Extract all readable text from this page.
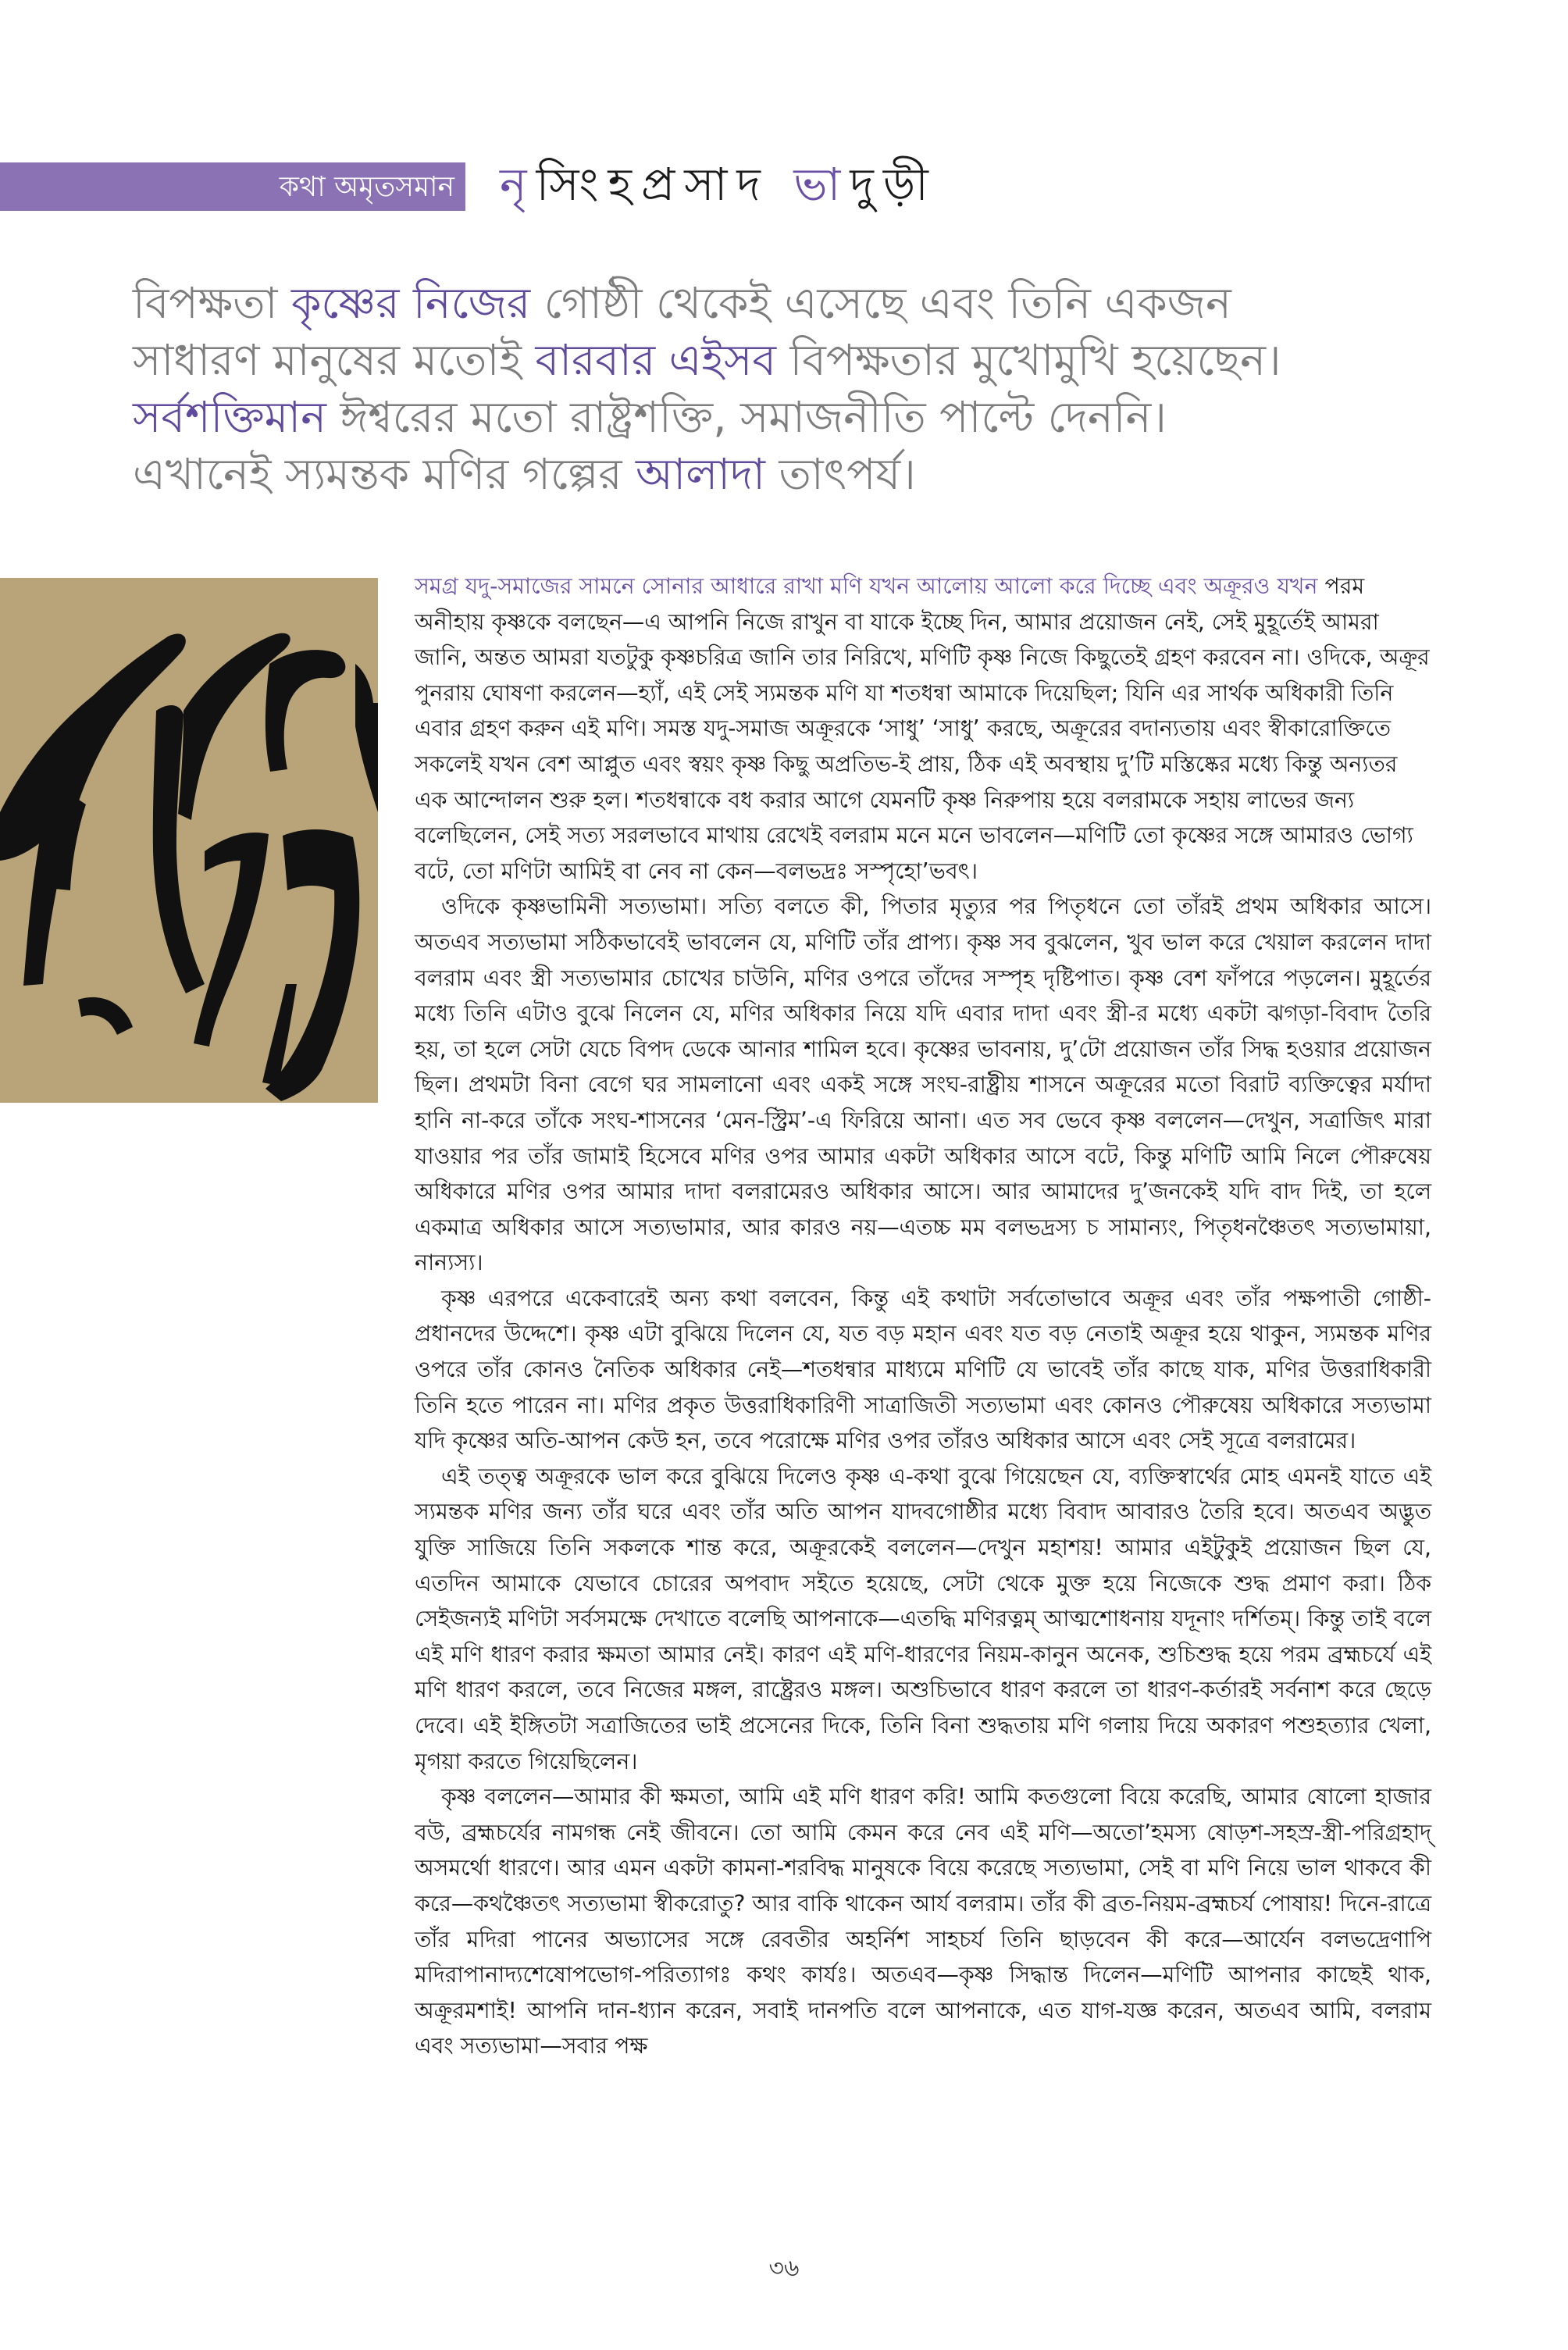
কথা অমৃতসমান নৃসিংহপ্রসাদ ভাদুড়ী

বিপক্ষতা কৃষ্ণের নিজের গোষ্ঠী থেকেই এসেছে এবং তিনি একজন

সাধারণ মানুষের মতোই বারবার এইসব বিপক্ষতার মুখোমুখি হয়েছেন।

সর্বশক্তিমান ঈশ্বরের মতো রাষ্ট্রশক্তি, সমাজনীতি পাল্টে দেননি।

এখানেই স্যমন্তক মণির গল্পের আলাদা তাৎপর্য।

সমগ্র যদু-সমাজের সামনে সোনার আধারে রাখা মণি যখন আলোয় আলো করে দিচ্ছে এবং অক্রূরও যখন পরম অনীহায় কৃষ্ণকে বলছেন—এ আপনি নিজে রাখুন বা যাকে ইচ্ছে দিন, আমার প্রয়োজন নেই, সেই মুহূর্তেই আমরা জানি, অন্তত আমরা যতটুকু কৃষ্ণচরিত্র জানি তার নিরিখে, মণিটি কৃষ্ণ নিজে কিছুতেই গ্রহণ করবেন না। ওদিকে, অক্রূর পুনরায় ঘোষণা করলেন—হ্যাঁ, এই সেই স্যমন্তক মণি যা শতধন্বা আমাকে দিয়েছিল; যিনি এর সার্থক অধিকারী তিনি এবার গ্রহণ করুন এই মণি। সমস্ত যদু-সমাজ অক্রূরকে ‘সাধু’ ‘সাধু’ করছে, অক্রূরের বদান্যতায় এবং স্বীকারোক্তিতে সকলেই যখন বেশ আপ্লুত এবং স্বয়ং কৃষ্ণ কিছু অপ্রতিভ-ই প্রায়, ঠিক এই অবস্থায় দু’টি মস্তিষ্কের মধ্যে কিন্তু অন্যতর এক আন্দোলন শুরু হল। শতধন্বাকে বধ করার আগে যেমনটি কৃষ্ণ নিরুপায় হয়ে বলরামকে সহায় লাভের জন্য বলেছিলেন, সেই সত্য সরলভাবে মাথায় রেখেই বলরাম মনে মনে ভাবলেন—মণিটি তো কৃষ্ণের সঙ্গে আমারও ভোগ্য বটে, তো মণিটা আমিই বা নেব না কেন—বলভদ্রঃ সস্পৃহো’ভবৎ।

ওদিকে কৃষ্ণভামিনী সত্যভামা। সত্যি বলতে কী, পিতার মৃত্যুর পর পিতৃধনে তো তাঁরই প্রথম অধিকার আসে। অতএব সত্যভামা সঠিকভাবেই ভাবলেন যে, মণিটি তাঁর প্রাপ্য। কৃষ্ণ সব বুঝলেন, খুব ভাল করে খেয়াল করলেন দাদা বলরাম এবং স্ত্রী সত্যভামার চোখের চাউনি, মণির ওপরে তাঁদের সস্পৃহ দৃষ্টিপাত। কৃষ্ণ বেশ ফাঁপরে পড়লেন। মুহূর্তের মধ্যে তিনি এটাও বুঝে নিলেন যে, মণির অধিকার নিয়ে যদি এবার দাদা এবং স্ত্রী-র মধ্যে একটা ঝগড়া-বিবাদ তৈরি হয়, তা হলে সেটা যেচে বিপদ ডেকে আনার শামিল হবে। কৃষ্ণের ভাবনায়, দু’টো প্রয়োজন তাঁর সিদ্ধ হওয়ার প্রয়োজন ছিল। প্রথমটা বিনা বেগে ঘর সামলানো এবং একই সঙ্গে সংঘ-রাষ্ট্রীয় শাসনে অক্রূরের মতো বিরাট ব্যক্তিত্বের মর্যাদা হানি না-করে তাঁকে সংঘ-শাসনের ‘মেন-স্ট্রিম’-এ ফিরিয়ে আনা। এত সব ভেবে কৃষ্ণ বললেন—দেখুন, সত্রাজিৎ মারা যাওয়ার পর তাঁর জামাই হিসেবে মণির ওপর আমার একটা অধিকার আসে বটে, কিন্তু মণিটি আমি নিলে পৌরুষেয় অধিকারে মণির ওপর আমার দাদা বলরামেরও অধিকার আসে। আর আমাদের দু’জনকেই যদি বাদ দিই, তা হলে একমাত্র অধিকার আসে সত্যভামার, আর কারও নয়—এতচ্চ মম বলভদ্রস্য চ সামান্যং, পিতৃধনঞ্চৈতৎ সত্যভামায়া, নান্যস্য।

কৃষ্ণ এরপরে একেবারেই অন্য কথা বলবেন, কিন্তু এই কথাটা সর্বতোভাবে অক্রূর এবং তাঁর পক্ষপাতী গোষ্ঠী-প্রধানদের উদ্দেশে। কৃষ্ণ এটা বুঝিয়ে দিলেন যে, যত বড় মহান এবং যত বড় নেতাই অক্রূর হয়ে থাকুন, স্যমন্তক মণির ওপরে তাঁর কোনও নৈতিক অধিকার নেই—শতধন্বার মাধ্যমে মণিটি যে ভাবেই তাঁর কাছে যাক, মণির উত্তরাধিকারী তিনি হতে পারেন না। মণির প্রকৃত উত্তরাধিকারিণী সাত্রাজিতী সত্যভামা এবং কোনও পৌরুষেয় অধিকারে সত্যভামা যদি কৃষ্ণের অতি-আপন কেউ হন, তবে পরোক্ষে মণির ওপর তাঁরও অধিকার আসে এবং সেই সূত্রে বলরামের।

এই তত্ত্ব অক্রূরকে ভাল করে বুঝিয়ে দিলেও কৃষ্ণ এ-কথা বুঝে গিয়েছেন যে, ব্যক্তিস্বার্থের মোহ এমনই যাতে এই স্যমন্তক মণির জন্য তাঁর ঘরে এবং তাঁর অতি আপন যাদবগোষ্ঠীর মধ্যে বিবাদ আবারও তৈরি হবে। অতএব অদ্ভুত যুক্তি সাজিয়ে তিনি সকলকে শান্ত করে, অক্রূরকেই বললেন—দেখুন মহাশয়! আমার এইটুকুই প্রয়োজন ছিল যে, এতদিন আমাকে যেভাবে চোরের অপবাদ সইতে হয়েছে, সেটা থেকে মুক্ত হয়ে নিজেকে শুদ্ধ প্রমাণ করা। ঠিক সেইজন্যই মণিটা সর্বসমক্ষে দেখাতে বলেছি আপনাকে—এতদ্ধি মণিরত্নম্ আত্মশোধনায় যদূনাং দর্শিতম্। কিন্তু তাই বলে এই মণি ধারণ করার ক্ষমতা আমার নেই। কারণ এই মণি-ধারণের নিয়ম-কানুন অনেক, শুচিশুদ্ধ হয়ে পরম ব্রহ্মচর্যে এই মণি ধারণ করলে, তবে নিজের মঙ্গল, রাষ্ট্রেরও মঙ্গল। অশুচিভাবে ধারণ করলে তা ধারণ-কর্তারই সর্বনাশ করে ছেড়ে দেবে। এই ইঙ্গিতটা সত্রাজিতের ভাই প্রসেনের দিকে, তিনি বিনা শুদ্ধতায় মণি গলায় দিয়ে অকারণ পশুহত্যার খেলা, মৃগয়া করতে গিয়েছিলেন।

কৃষ্ণ বললেন—আমার কী ক্ষমতা, আমি এই মণি ধারণ করি! আমি কতগুলো বিয়ে করেছি, আমার ষোলো হাজার বউ, ব্রহ্মচর্যের নামগন্ধ নেই জীবনে। তো আমি কেমন করে নেব এই মণি—অতো’হমস্য ষোড়শ-সহস্র-স্ত্রী-পরিগ্রহাদ্ অসমর্থো ধারণে। আর এমন একটা কামনা-শরবিদ্ধ মানুষকে বিয়ে করেছে সত্যভামা, সেই বা মণি নিয়ে ভাল থাকবে কী করে—কথঞ্চৈতৎ সত্যভামা স্বীকরোতু? আর বাকি থাকেন আর্য বলরাম। তাঁর কী ব্রত-নিয়ম-ব্রহ্মচর্য পোষায়! দিনে-রাত্রে তাঁর মদিরা পানের অভ্যাসের সঙ্গে রেবতীর অহর্নিশ সাহচর্য তিনি ছাড়বেন কী করে—আর্যেন বলভদ্রেণাপি মদিরাপানাদ্যশেষোপভোগ-পরিত্যাগঃ কথং কার্যঃ। অতএব—কৃষ্ণ সিদ্ধান্ত দিলেন—মণিটি আপনার কাছেই থাক, অক্রূরমশাই! আপনি দান-ধ্যান করেন, সবাই দানপতি বলে আপনাকে, এত যাগ-যজ্ঞ করেন, অতএব আমি, বলরাম এবং সত্যভামা—সবার পক্ষ

৩৬
